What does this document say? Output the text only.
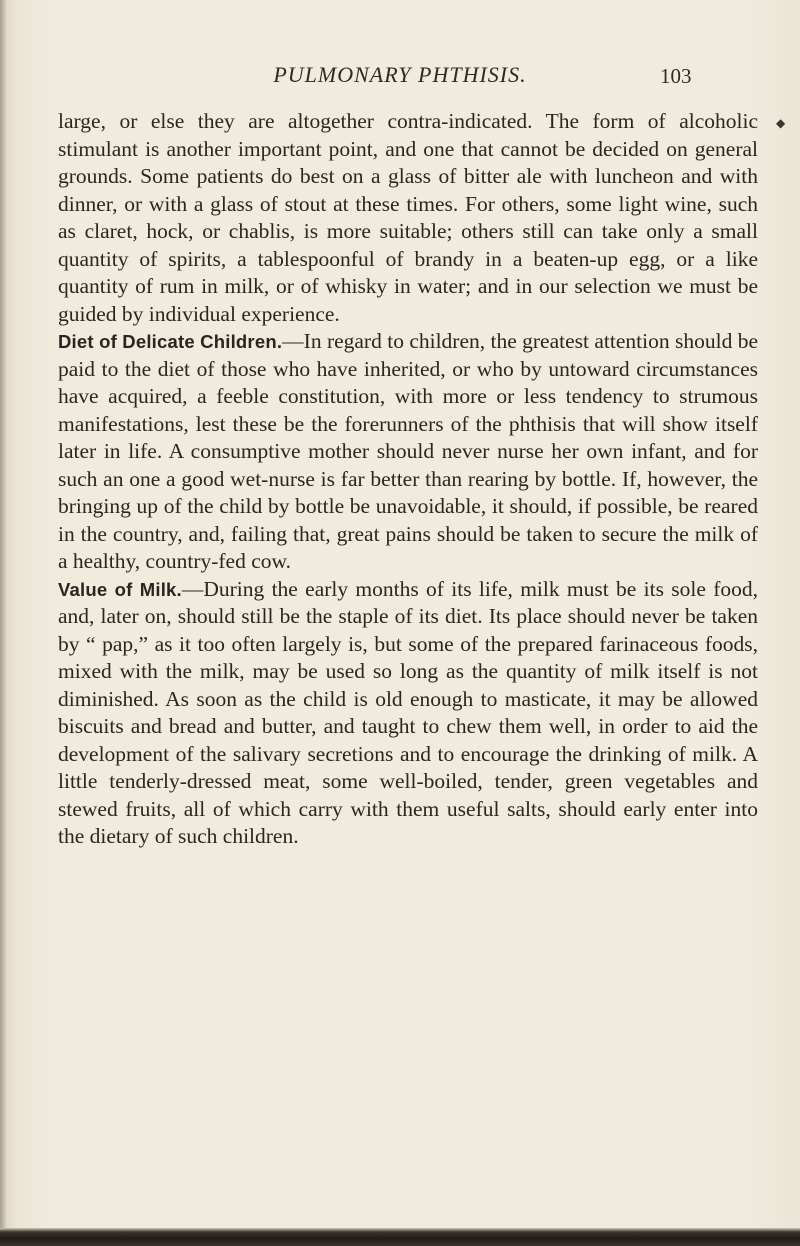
PULMONARY PHTHISIS.	103
◆

large, or else they are altogether contra-indicated. The form of alcoholic stimulant is another important point, and one that cannot be decided on general grounds. Some patients do best on a glass of bitter ale with luncheon and with dinner, or with a glass of stout at these times. For others, some light wine, such as claret, hock, or chablis, is more suitable; others still can take only a small quantity of spirits, a tablespoonful of brandy in a beaten-up egg, or a like quantity of rum in milk, or of whisky in water; and in our selection we must be guided by individual experience.

Diet of Delicate Children.—In regard to children, the greatest attention should be paid to the diet of those who have inherited, or who by untoward circumstances have acquired, a feeble constitution, with more or less tendency to strumous manifestations, lest these be the forerunners of the phthisis that will show itself later in life. A consumptive mother should never nurse her own infant, and for such an one a good wet-nurse is far better than rearing by bottle. If, however, the bringing up of the child by bottle be unavoidable, it should, if possible, be reared in the country, and, failing that, great pains should be taken to secure the milk of a healthy, country-fed cow.

Value of Milk.—During the early months of its life, milk must be its sole food, and, later on, should still be the staple of its diet. Its place should never be taken by “ pap,” as it too often largely is, but some of the prepared farinaceous foods, mixed with the milk, may be used so long as the quantity of milk itself is not diminished. As soon as the child is old enough to masticate, it may be allowed biscuits and bread and butter, and taught to chew them well, in order to aid the development of the salivary secretions and to encourage the drinking of milk. A little tenderly-dressed meat, some well-boiled, tender, green vegetables and stewed fruits, all of which carry with them useful salts, should early enter into the dietary of such children.
